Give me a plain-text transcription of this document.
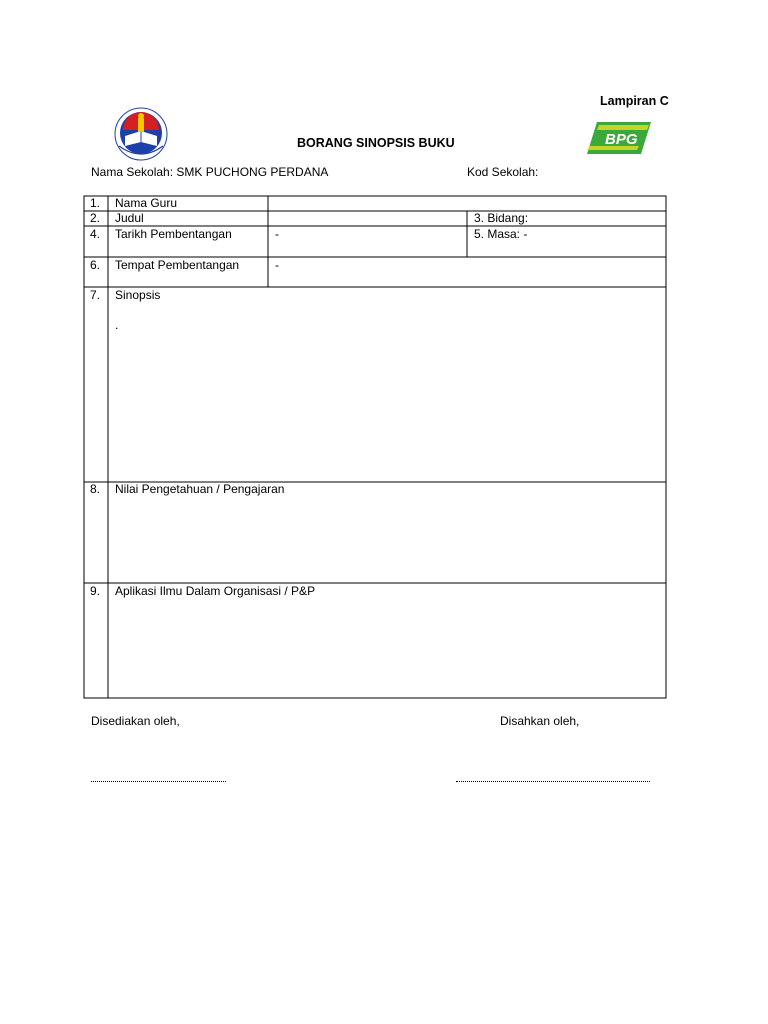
Lampiran C
BORANG SINOPSIS BUKU	BPG
Nama Sekolah: SMK PUCHONG PERDANA	Kod Sekolah:
1. Nama Guru
2. Judul	3. Bidang:
4. Tarikh Pembentangan	-	5. Masa: -
6. Tempat Pembentangan	-
7. Sinopsis
.
8. Nilai Pengetahuan / Pengajaran
9. Aplikasi Ilmu Dalam Organisasi / P&P
Disediakan oleh,	Disahkan oleh,
